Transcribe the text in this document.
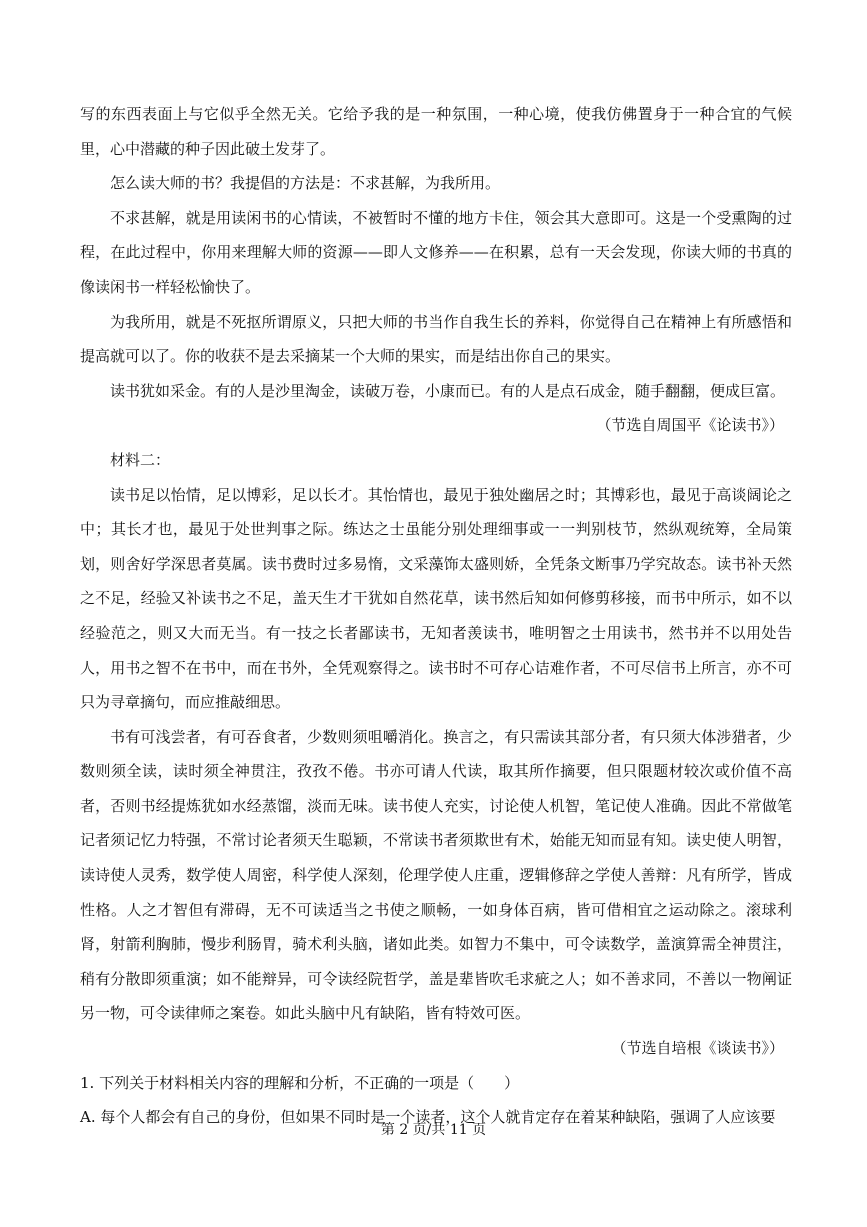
写的东西表面上与它似乎全然无关。它给予我的是一种氛围，一种心境，使我仿佛置身于一种合宜的气候里，心中潜藏的种子因此破土发芽了。

怎么读大师的书？我提倡的方法是：不求甚解，为我所用。

不求甚解，就是用读闲书的心情读，不被暂时不懂的地方卡住，领会其大意即可。这是一个受熏陶的过程，在此过程中，你用来理解大师的资源——即人文修养——在积累，总有一天会发现，你读大师的书真的像读闲书一样轻松愉快了。

为我所用，就是不死抠所谓原义，只把大师的书当作自我生长的养料，你觉得自己在精神上有所感悟和提高就可以了。你的收获不是去采摘某一个大师的果实，而是结出你自己的果实。

读书犹如采金。有的人是沙里淘金，读破万卷，小康而已。有的人是点石成金，随手翻翻，便成巨富。

（节选自周国平《论读书》）

材料二：

读书足以怡情，足以博彩，足以长才。其怡情也，最见于独处幽居之时；其博彩也，最见于高谈阔论之中；其长才也，最见于处世判事之际。练达之士虽能分别处理细事或一一判别枝节，然纵观统筹，全局策划，则舍好学深思者莫属。读书费时过多易惰，文采藻饰太盛则娇，全凭条文断事乃学究故态。读书补天然之不足，经验又补读书之不足，盖天生才干犹如自然花草，读书然后知如何修剪移接，而书中所示，如不以经验范之，则又大而无当。有一技之长者鄙读书，无知者羡读书，唯明智之士用读书，然书并不以用处告人，用书之智不在书中，而在书外，全凭观察得之。读书时不可存心诘难作者，不可尽信书上所言，亦不可只为寻章摘句，而应推敲细思。

书有可浅尝者，有可吞食者，少数则须咀嚼消化。换言之，有只需读其部分者，有只须大体涉猎者，少数则须全读，读时须全神贯注，孜孜不倦。书亦可请人代读，取其所作摘要，但只限题材较次或价值不高者，否则书经提炼犹如水经蒸馏，淡而无味。读书使人充实，讨论使人机智，笔记使人准确。因此不常做笔记者须记忆力特强，不常讨论者须天生聪颖，不常读书者须欺世有术，始能无知而显有知。读史使人明智，读诗使人灵秀，数学使人周密，科学使人深刻，伦理学使人庄重，逻辑修辞之学使人善辩：凡有所学，皆成性格。人之才智但有滞碍，无不可读适当之书使之顺畅，一如身体百病，皆可借相宜之运动除之。滚球利肾，射箭利胸肺，慢步利肠胃，骑术利头脑，诸如此类。如智力不集中，可令读数学，盖演算需全神贯注，稍有分散即须重演；如不能辩异，可令读经院哲学，盖是辈皆吹毛求疵之人；如不善求同，不善以一物阐证另一物，可令读律师之案卷。如此头脑中凡有缺陷，皆有特效可医。

（节选自培根《谈读书》）

1. 下列关于材料相关内容的理解和分析，不正确的一项是（　　）

A. 每个人都会有自己的身份，但如果不同时是一个读者，这个人就肯定存在着某种缺陷，强调了人应该要

第 2 页/共 11 页
